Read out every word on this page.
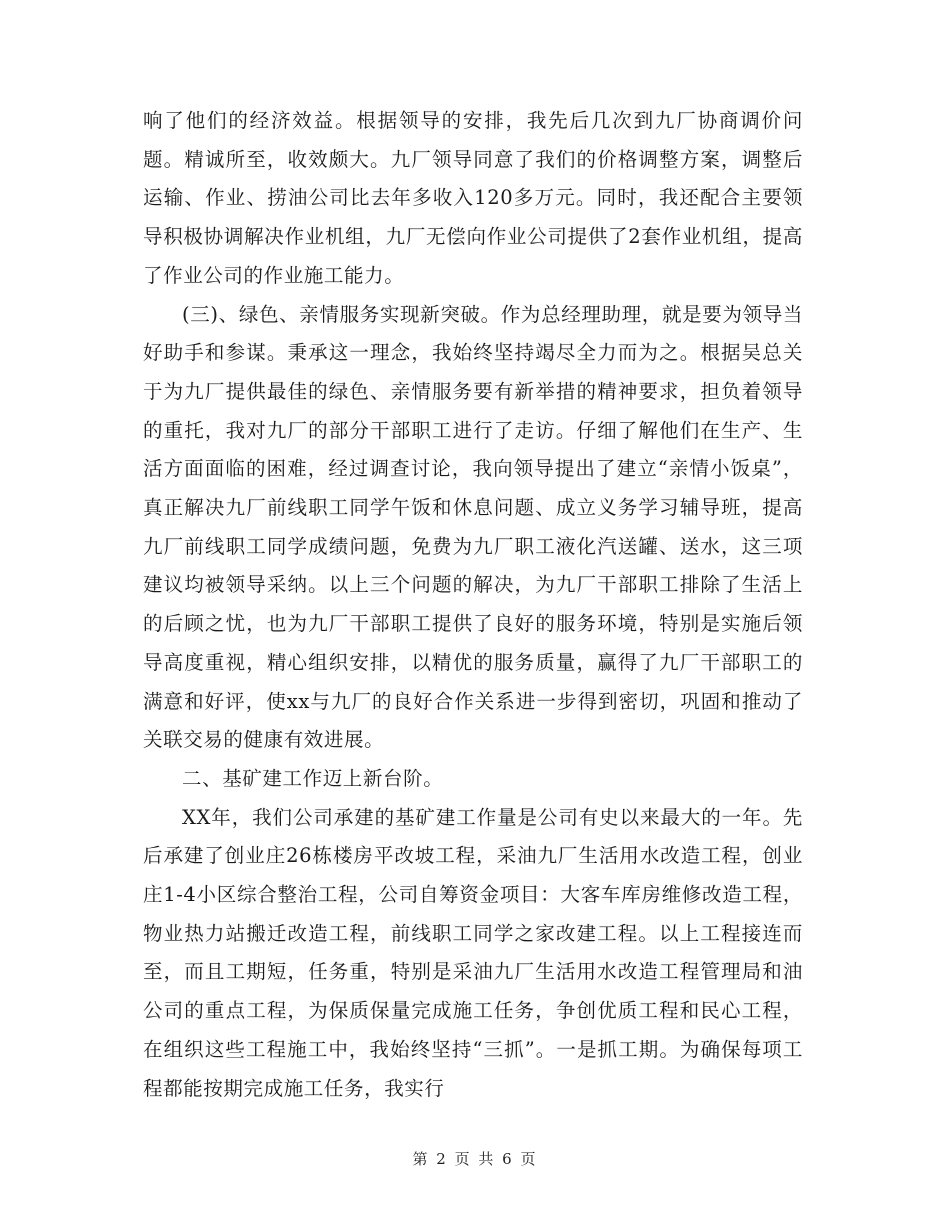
响了他们的经济效益。根据领导的安排，我先后几次到九厂协商调价问题。精诚所至，收效颇大。九厂领导同意了我们的价格调整方案，调整后运输、作业、捞油公司比去年多收入120多万元。同时，我还配合主要领导积极协调解决作业机组，九厂无偿向作业公司提供了2套作业机组，提高了作业公司的作业施工能力。

(三)、绿色、亲情服务实现新突破。作为总经理助理，就是要为领导当好助手和参谋。秉承这一理念，我始终坚持竭尽全力而为之。根据吴总关于为九厂提供最佳的绿色、亲情服务要有新举措的精神要求，担负着领导的重托，我对九厂的部分干部职工进行了走访。仔细了解他们在生产、生活方面面临的困难，经过调查讨论，我向领导提出了建立“亲情小饭桌”，真正解决九厂前线职工同学午饭和休息问题、成立义务学习辅导班，提高九厂前线职工同学成绩问题，免费为九厂职工液化汽送罐、送水，这三项建议均被领导采纳。以上三个问题的解决，为九厂干部职工排除了生活上的后顾之忧，也为九厂干部职工提供了良好的服务环境，特别是实施后领导高度重视，精心组织安排，以精优的服务质量，赢得了九厂干部职工的满意和好评，使xx与九厂的良好合作关系进一步得到密切，巩固和推动了关联交易的健康有效进展。

二、基矿建工作迈上新台阶。

XX年，我们公司承建的基矿建工作量是公司有史以来最大的一年。先后承建了创业庄26栋楼房平改坡工程，采油九厂生活用水改造工程，创业庄1-4小区综合整治工程，公司自筹资金项目：大客车库房维修改造工程，物业热力站搬迁改造工程，前线职工同学之家改建工程。以上工程接连而至，而且工期短，任务重，特别是采油九厂生活用水改造工程管理局和油公司的重点工程，为保质保量完成施工任务，争创优质工程和民心工程，在组织这些工程施工中，我始终坚持“三抓”。一是抓工期。为确保每项工程都能按期完成施工任务，我实行

第 2 页 共 6 页
